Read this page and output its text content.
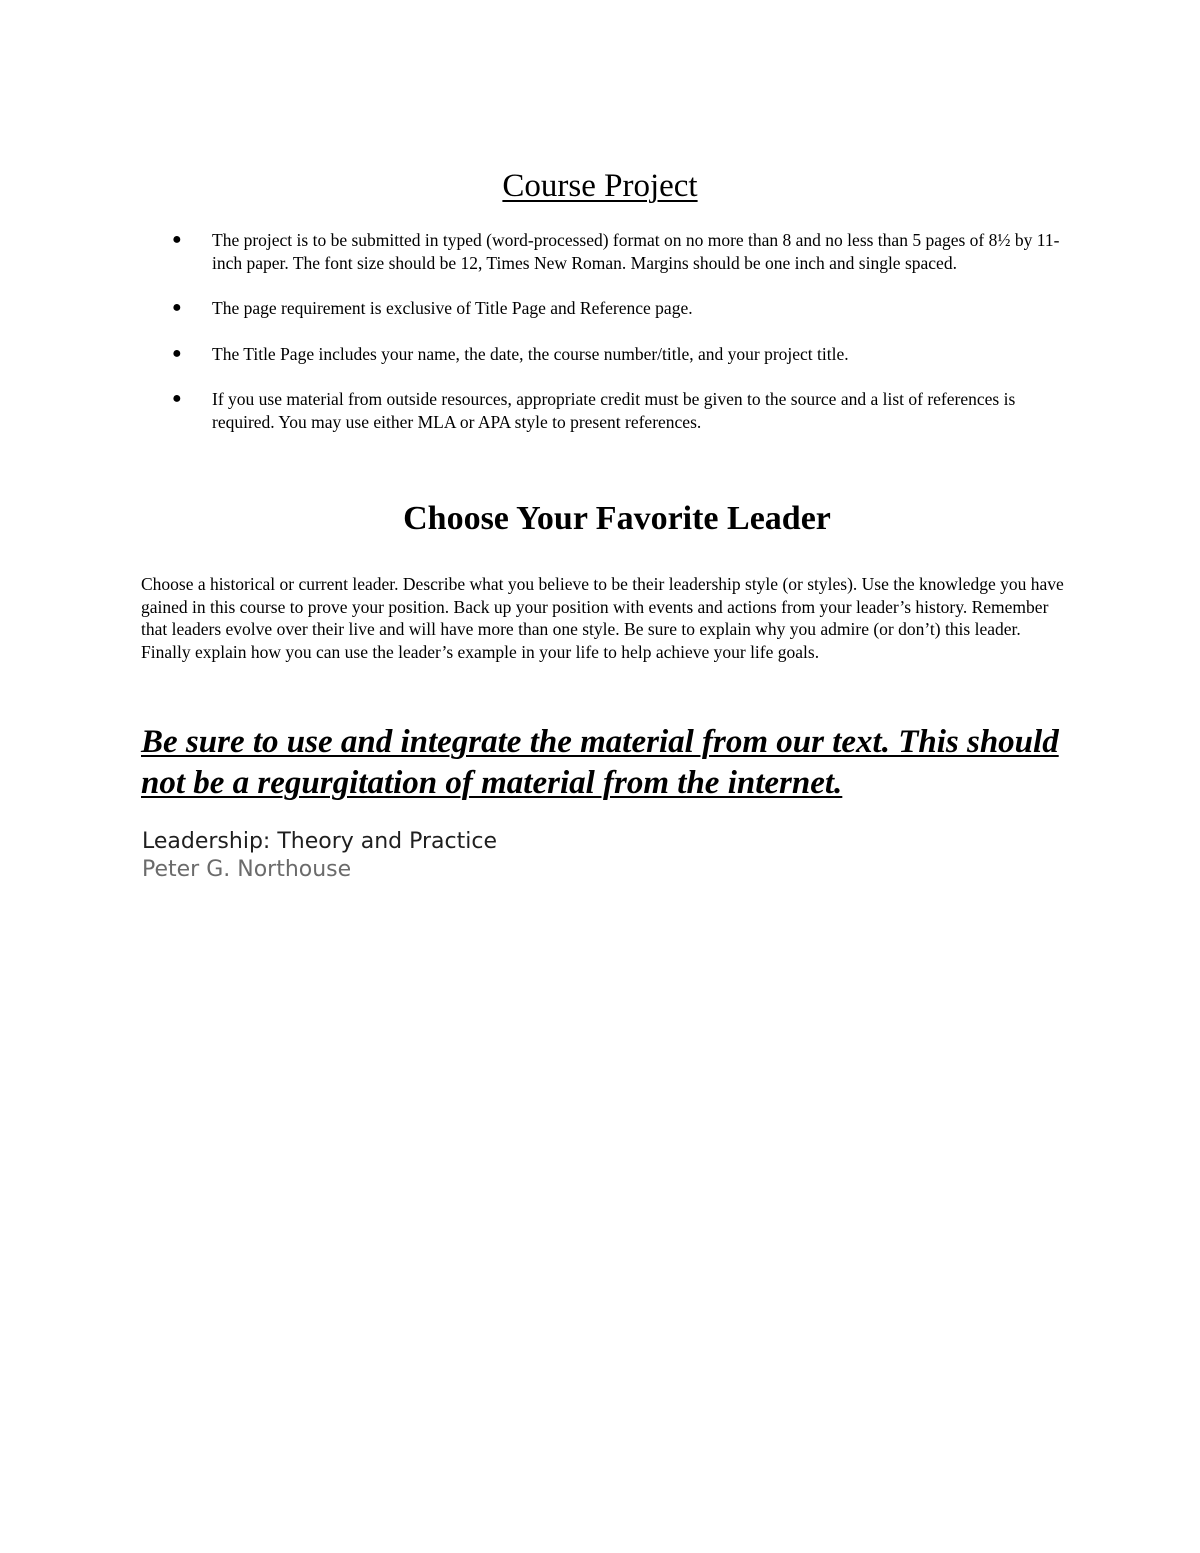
Course Project
● The project is to be submitted in typed (word-processed) format on no more than 8 and no less than 5 pages of 8½ by 11-inch paper. The font size should be 12, Times New Roman. Margins should be one inch and single spaced.
● The page requirement is exclusive of Title Page and Reference page.
● The Title Page includes your name, the date, the course number/title, and your project title.
● If you use material from outside resources, appropriate credit must be given to the source and a list of references is required. You may use either MLA or APA style to present references.
Choose Your Favorite Leader

Choose a historical or current leader. Describe what you believe to be their leadership style (or styles). Use the knowledge you have gained in this course to prove your position. Back up your position with events and actions from your leader’s history. Remember that leaders evolve over their live and will have more than one style. Be sure to explain why you admire (or don’t) this leader. Finally explain how you can use the leader’s example in your life to help achieve your life goals.

Be sure to use and integrate the material from our text. This should not be a regurgitation of material from the internet.

Leadership: Theory and Practice
Peter G. Northouse
